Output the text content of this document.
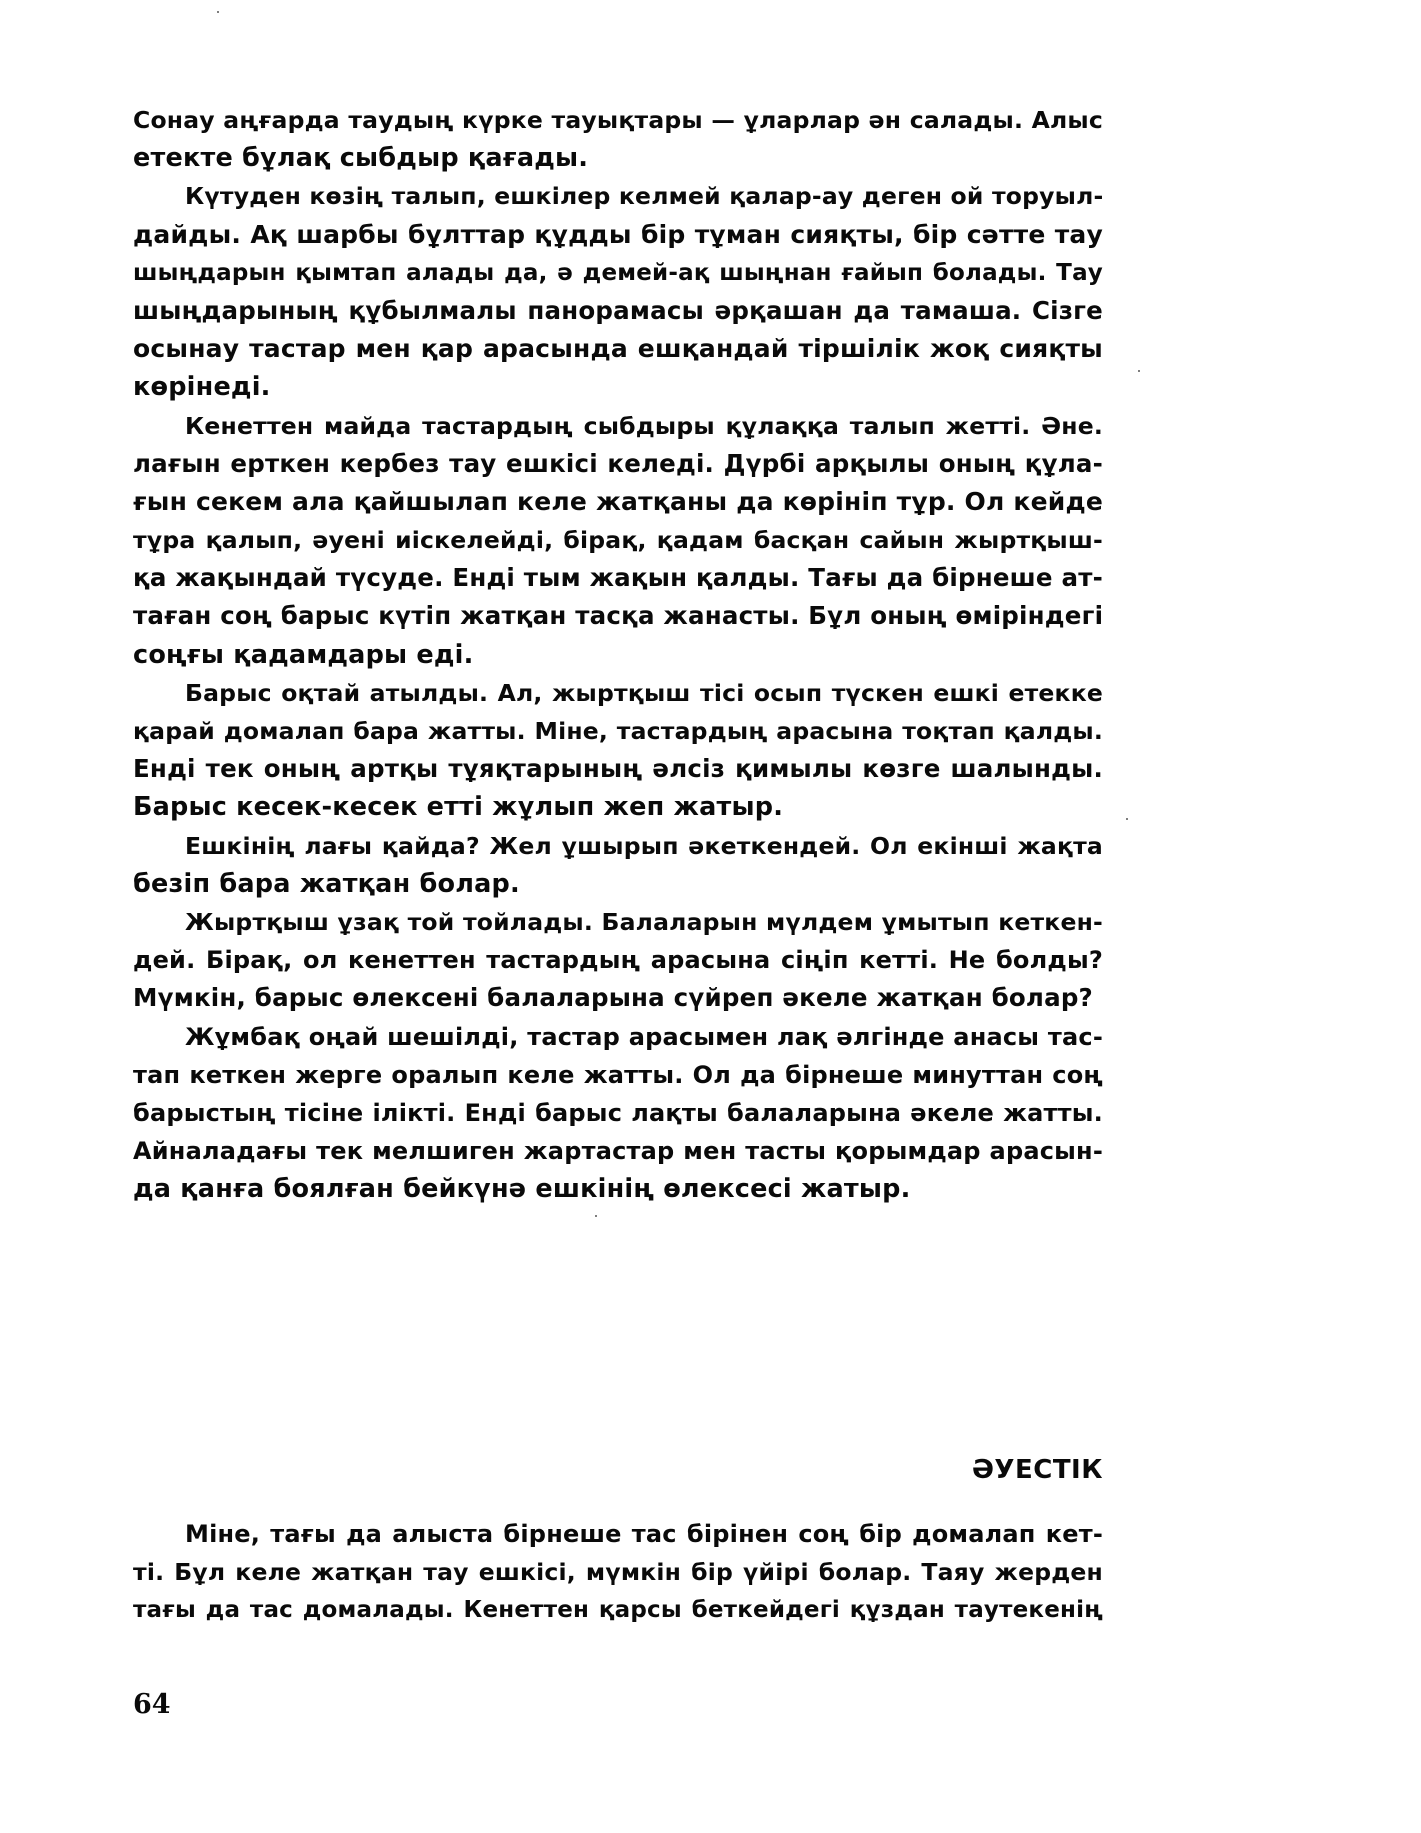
Сонау аңғарда таудың күрке тауықтары — ұларлар ән салады. Алыс
етекте бұлақ сыбдыр қағады.
Күтуден көзің талып, ешкілер келмей қалар-ау деген ой торуыл-
дайды. Ақ шарбы бұлттар құдды бір тұман сияқты, бір сәтте тау
шыңдарын қымтап алады да, ә демей-ақ шыңнан ғайып болады. Тау
шыңдарының құбылмалы панорамасы әрқашан да тамаша. Сізге
осынау тастар мен қар арасында ешқандай тіршілік жоқ сияқты
көрінеді.
Кенеттен майда тастардың сыбдыры құлаққа талып жетті. Әне.
лағын ерткен кербез тау ешкісі келеді. Дүрбі арқылы оның құла-
ғын секем ала қайшылап келе жатқаны да көрініп тұр. Ол кейде
тұра қалып, әуені иіскелейді, бірақ, қадам басқан сайын жыртқыш-
қа жақындай түсуде. Енді тым жақын қалды. Тағы да бірнеше ат-
таған соң барыс күтіп жатқан тасқа жанасты. Бұл оның өміріндегі
соңғы қадамдары еді.
Барыс оқтай атылды. Ал, жыртқыш тісі осып түскен ешкі етекке
қарай домалап бара жатты. Міне, тастардың арасына тоқтап қалды.
Енді тек оның артқы тұяқтарының әлсіз қимылы көзге шалынды.
Барыс кесек-кесек етті жұлып жеп жатыр.
Ешкінің лағы қайда? Жел ұшырып әкеткендей. Ол екінші жақта
безіп бара жатқан болар.
Жыртқыш ұзақ той тойлады. Балаларын мүлдем ұмытып кеткен-
дей. Бірақ, ол кенеттен тастардың арасына сіңіп кетті. Не болды?
Мүмкін, барыс өлексені балаларына сүйреп әкеле жатқан болар?
Жұмбақ оңай шешілді, тастар арасымен лақ әлгінде анасы тас-
тап кеткен жерге оралып келе жатты. Ол да бірнеше минуттан соң
барыстың тісіне ілікті. Енді барыс лақты балаларына әкеле жатты.
Айналадағы тек мелшиген жартастар мен тасты қорымдар арасын-
да қанға боялған бейкүнә ешкінің өлексесі жатыр.
ӘУЕСТІК
Міне, тағы да алыста бірнеше тас бірінен соң бір домалап кет-
ті. Бұл келе жатқан тау ешкісі, мүмкін бір үйірі болар. Таяу жерден
тағы да тас домалады. Кенеттен қарсы беткейдегі құздан таутекенің
64
